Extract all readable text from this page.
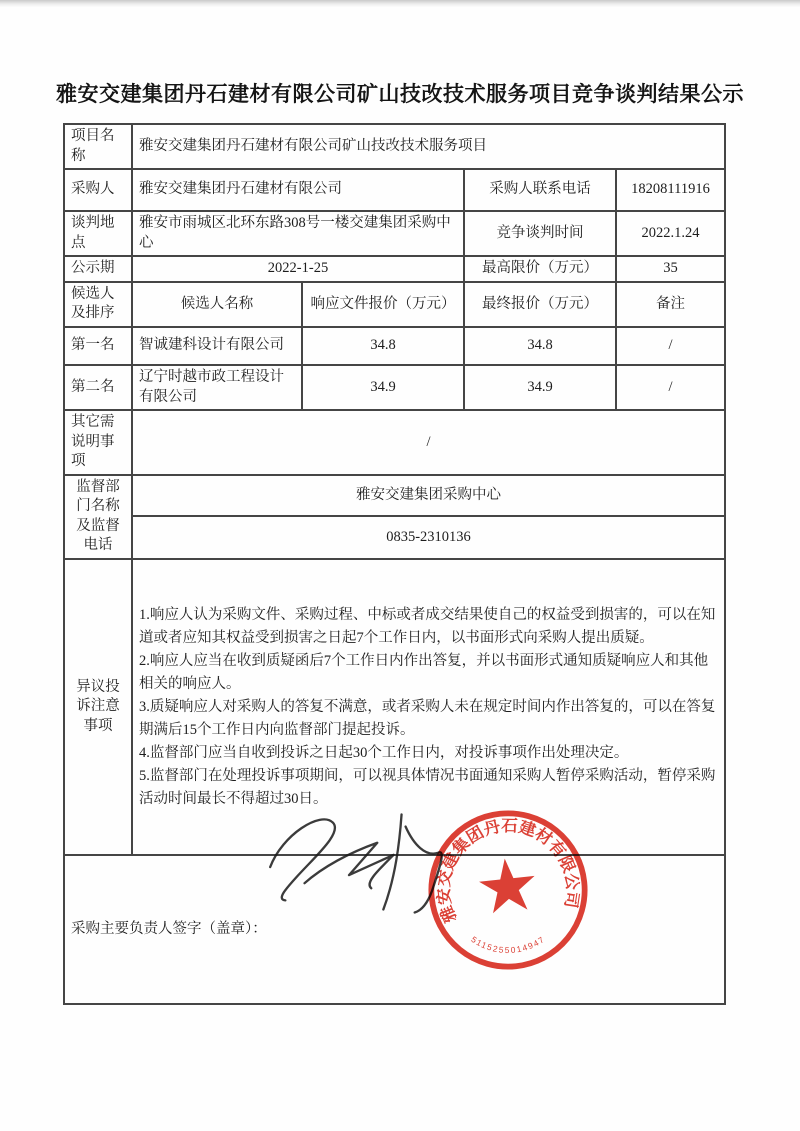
雅安交建集团丹石建材有限公司矿山技改技术服务项目竞争谈判结果公示
项目名称	雅安交建集团丹石建材有限公司矿山技改技术服务项目			
采购人	雅安交建集团丹石建材有限公司		采购人联系电话	18208111916
谈判地点	雅安市雨城区北环东路308号一楼交建集团采购中心		竞争谈判时间	2022.1.24
公示期	2022-1-25		最高限价（万元）	35
候选人及排序	候选人名称	响应文件报价（万元）	最终报价（万元）	备注
第一名	智诚建科设计有限公司	34.8	34.8	/
第二名	辽宁时越市政工程设计有限公司	34.9	34.9	/
其它需说明事项	/			
监督部门名称及监督电话	雅安交建集团采购中心			
	0835-2310136			
异议投诉注意事项	1.响应人认为采购文件、采购过程、中标或者成交结果使自己的权益受到损害的，可以在知道或者应知其权益受到损害之日起7个工作日内，以书面形式向采购人提出质疑。

2.响应人应当在收到质疑函后7个工作日内作出答复，并以书面形式通知质疑响应人和其他相关的响应人。

3.质疑响应人对采购人的答复不满意，或者采购人未在规定时间内作出答复的，可以在答复期满后15个工作日内向监督部门提起投诉。

4.监督部门应当自收到投诉之日起30个工作日内，对投诉事项作出处理决定。

5.监督部门在处理投诉事项期间，可以视具体情况书面通知采购人暂停采购活动，暂停采购活动时间最长不得超过30日。			

采购主要负责人签字（盖章）：				
雅安交建集团丹石建材有限公司
5115255014947
